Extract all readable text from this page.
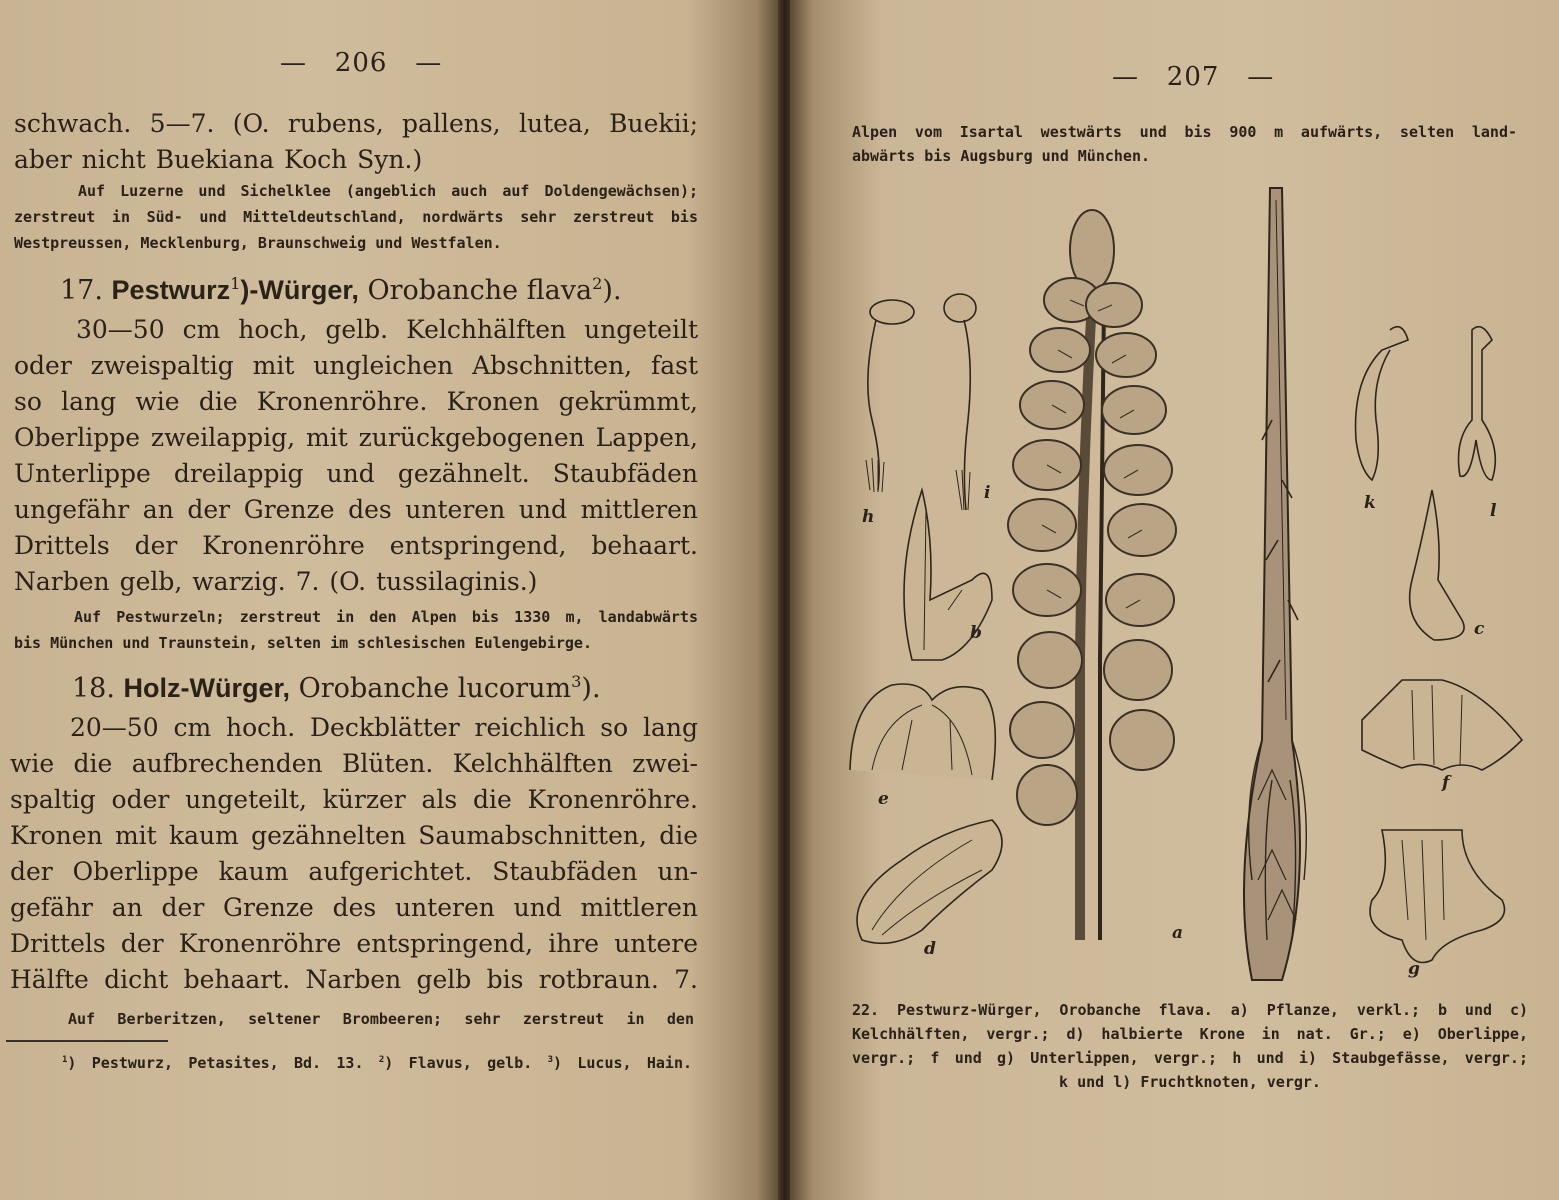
—   206   —
schwach. 5—7. (O. rubens, pallens, lutea, Buekii;
aber nicht Buekiana Koch Syn.)
Auf Luzerne und Sichelklee (angeblich auch auf Doldengewächsen);
zerstreut in Süd- und Mitteldeutschland, nordwärts sehr zerstreut bis
Westpreussen, Mecklenburg, Braunschweig und Westfalen.
17. Pestwurz$^1$)-Würger, Orobanche flava$^2$).
30—50 cm hoch, gelb. Kelchhälften ungeteilt
oder zweispaltig mit ungleichen Abschnitten, fast
so lang wie die Kronenröhre. Kronen gekrümmt,
Oberlippe zweilappig, mit zurückgebogenen Lappen,
Unterlippe dreilappig und gezähnelt. Staubfäden
ungefähr an der Grenze des unteren und mittleren
Drittels der Kronenröhre entspringend, behaart.
Narben gelb, warzig. 7. (O. tussilaginis.)
Auf Pestwurzeln; zerstreut in den Alpen bis 1330 m, landabwärts
bis München und Traunstein, selten im schlesischen Eulengebirge.
18. Holz-Würger, Orobanche lucorum$^3$).
20—50 cm hoch. Deckblätter reichlich so lang
wie die aufbrechenden Blüten. Kelchhälften zwei-
spaltig oder ungeteilt, kürzer als die Kronenröhre.
Kronen mit kaum gezähnelten Saumabschnitten, die
der Oberlippe kaum aufgerichtet. Staubfäden un-
gefähr an der Grenze des unteren und mittleren
Drittels der Kronenröhre entspringend, ihre untere
Hälfte dicht behaart. Narben gelb bis rotbraun. 7.
Auf Berberitzen, seltener Brombeeren; sehr zerstreut in den
$^1$) Pestwurz, Petasites, Bd. 13. $^2$) Flavus, gelb. $^3$) Lucus, Hain.
—   207   —
Alpen vom Isartal westwärts und bis 900 m aufwärts, selten land-
abwärts bis Augsburg und München.
a
b	c
d
e
f
g
h
i	k	l
22. Pestwurz-Würger, Orobanche flava. a) Pflanze, verkl.; b und c)
Kelchhälften, vergr.; d) halbierte Krone in nat. Gr.; e) Oberlippe,
vergr.; f und g) Unterlippen, vergr.; h und i) Staubgefässe, vergr.;
k und l) Fruchtknoten, vergr.
